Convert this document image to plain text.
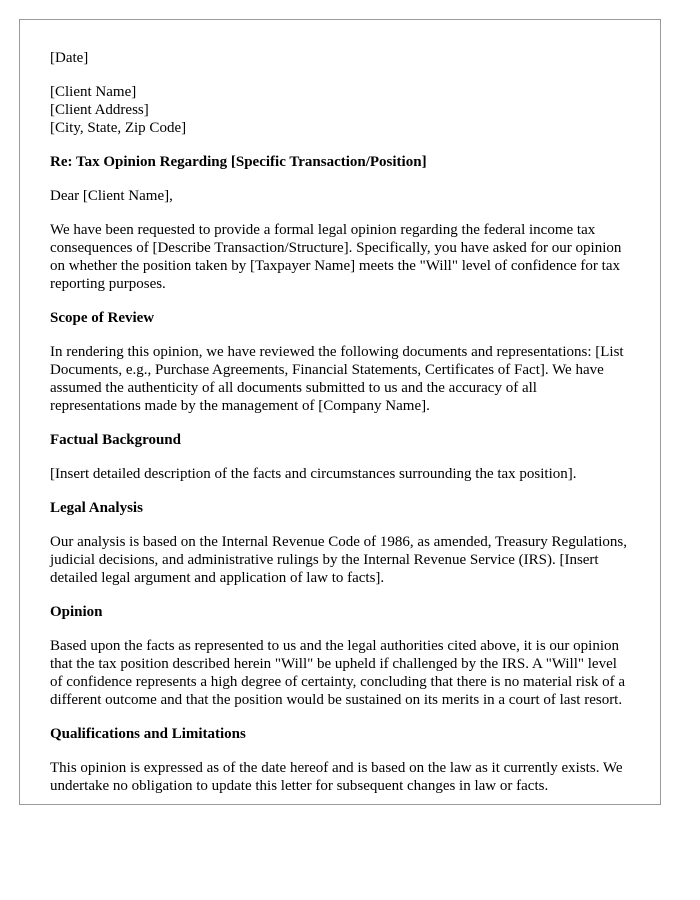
[Date]

[Client Name]

[Client Address]

[City, State, Zip Code]

Re: Tax Opinion Regarding [Specific Transaction/Position]

Dear [Client Name],

We have been requested to provide a formal legal opinion regarding the federal income tax consequences of [Describe Transaction/Structure]. Specifically, you have asked for our opinion on whether the position taken by [Taxpayer Name] meets the "Will" level of confidence for tax reporting purposes.

Scope of Review

In rendering this opinion, we have reviewed the following documents and representations: [List Documents, e.g., Purchase Agreements, Financial Statements, Certificates of Fact]. We have assumed the authenticity of all documents submitted to us and the accuracy of all representations made by the management of [Company Name].

Factual Background

[Insert detailed description of the facts and circumstances surrounding the tax position].

Legal Analysis

Our analysis is based on the Internal Revenue Code of 1986, as amended, Treasury Regulations, judicial decisions, and administrative rulings by the Internal Revenue Service (IRS). [Insert detailed legal argument and application of law to facts].

Opinion

Based upon the facts as represented to us and the legal authorities cited above, it is our opinion that the tax position described herein "Will" be upheld if challenged by the IRS. A "Will" level of confidence represents a high degree of certainty, concluding that there is no material risk of a different outcome and that the position would be sustained on its merits in a court of last resort.

Qualifications and Limitations

This opinion is expressed as of the date hereof and is based on the law as it currently exists. We undertake no obligation to update this letter for subsequent changes in law or facts.
